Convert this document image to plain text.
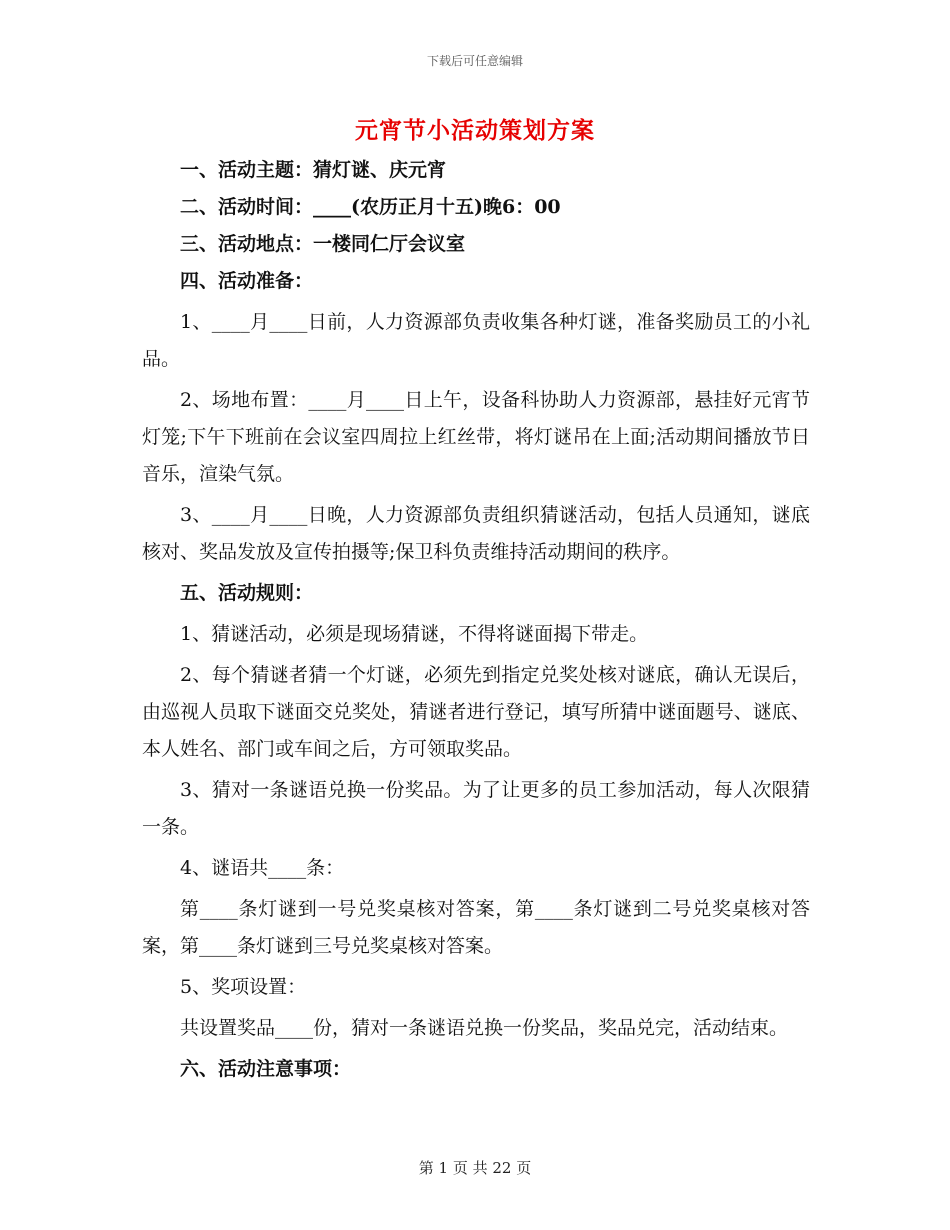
下载后可任意编辑
元宵节小活动策划方案

一、活动主题：猜灯谜、庆元宵

二、活动时间：____(农历正月十五)晚6：00

三、活动地点：一楼同仁厅会议室

四、活动准备：

1、____月____日前，人力资源部负责收集各种灯谜，准备奖励员工的小礼品。

2、场地布置：____月____日上午，设备科协助人力资源部，悬挂好元宵节灯笼;下午下班前在会议室四周拉上红丝带，将灯谜吊在上面;活动期间播放节日音乐，渲染气氛。

3、____月____日晚，人力资源部负责组织猜谜活动，包括人员通知，谜底核对、奖品发放及宣传拍摄等;保卫科负责维持活动期间的秩序。

五、活动规则：

1、猜谜活动，必须是现场猜谜，不得将谜面揭下带走。

2、每个猜谜者猜一个灯谜，必须先到指定兑奖处核对谜底，确认无误后，由巡视人员取下谜面交兑奖处，猜谜者进行登记，填写所猜中谜面题号、谜底、本人姓名、部门或车间之后，方可领取奖品。

3、猜对一条谜语兑换一份奖品。为了让更多的员工参加活动，每人次限猜一条。

4、谜语共____条：

第____条灯谜到一号兑奖桌核对答案，第____条灯谜到二号兑奖桌核对答案，第____条灯谜到三号兑奖桌核对答案。

5、奖项设置：

共设置奖品____份，猜对一条谜语兑换一份奖品，奖品兑完，活动结束。

六、活动注意事项：

第 1 页 共 22 页
